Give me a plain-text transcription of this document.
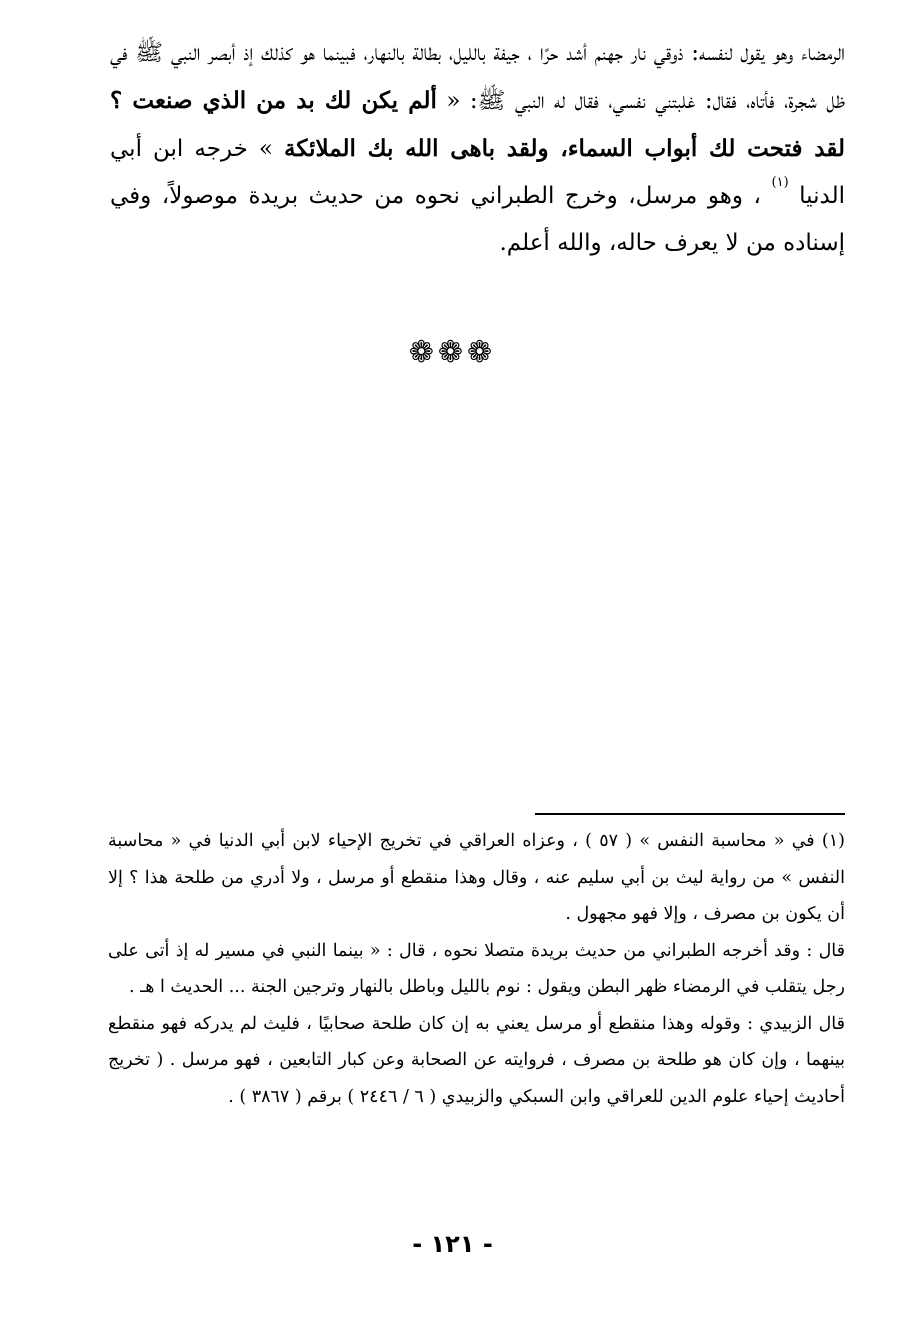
الرمضاء وهو يقول لنفسه: ذوقي نار جهنم أشد حرًا ، جيفة بالليل، بطالة بالنهار، فبينما هو كذلك إذ أبصر النبي ﷺ في ظل شجرة، فأتاه، فقال: غلبتني نفسي، فقال له النبي ﷺ: « ألم يكن لك بد من الذي صنعت ؟ لقد فتحت لك أبواب السماء، ولقد باهى الله بك الملائكة » خرجه ابن أبي الدنيا $^{(١)}$ ، وهو مرسل، وخرج الطبراني نحوه من حديث بريدة موصولاً، وفي إسناده من لا يعرف حاله، والله أعلم.
❁❁❁

(١) في « محاسبة النفس » ( ٥٧ ) ، وعزاه العراقي في تخريج الإحياء لابن أبي الدنيا في « محاسبة النفس » من رواية ليث بن أبي سليم عنه ، وقال وهذا منقطع أو مرسل ، ولا أدري من طلحة هذا ؟ إلا أن يكون بن مصرف ، وإلا فهو مجهول .

قال : وقد أخرجه الطبراني من حديث بريدة متصلا نحوه ، قال : « بينما النبي في مسير له إذ أتى على رجل يتقلب في الرمضاء ظهر البطن ويقول : نوم بالليل وباطل بالنهار وترجين الجنة ... الحديث ا هـ .

قال الزبيدي : وقوله وهذا منقطع أو مرسل يعني به إن كان طلحة صحابيًا ، فليث لم يدركه فهو منقطع بينهما ، وإن كان هو طلحة بن مصرف ، فروايته عن الصحابة وعن كبار التابعين ، فهو مرسل . ( تخريج أحاديث إحياء علوم الدين للعراقي وابن السبكي والزبيدي ( ٦ / ٢٤٤٦ ) برقم ( ٣٨٦٧ ) .

- ١٢١ -
